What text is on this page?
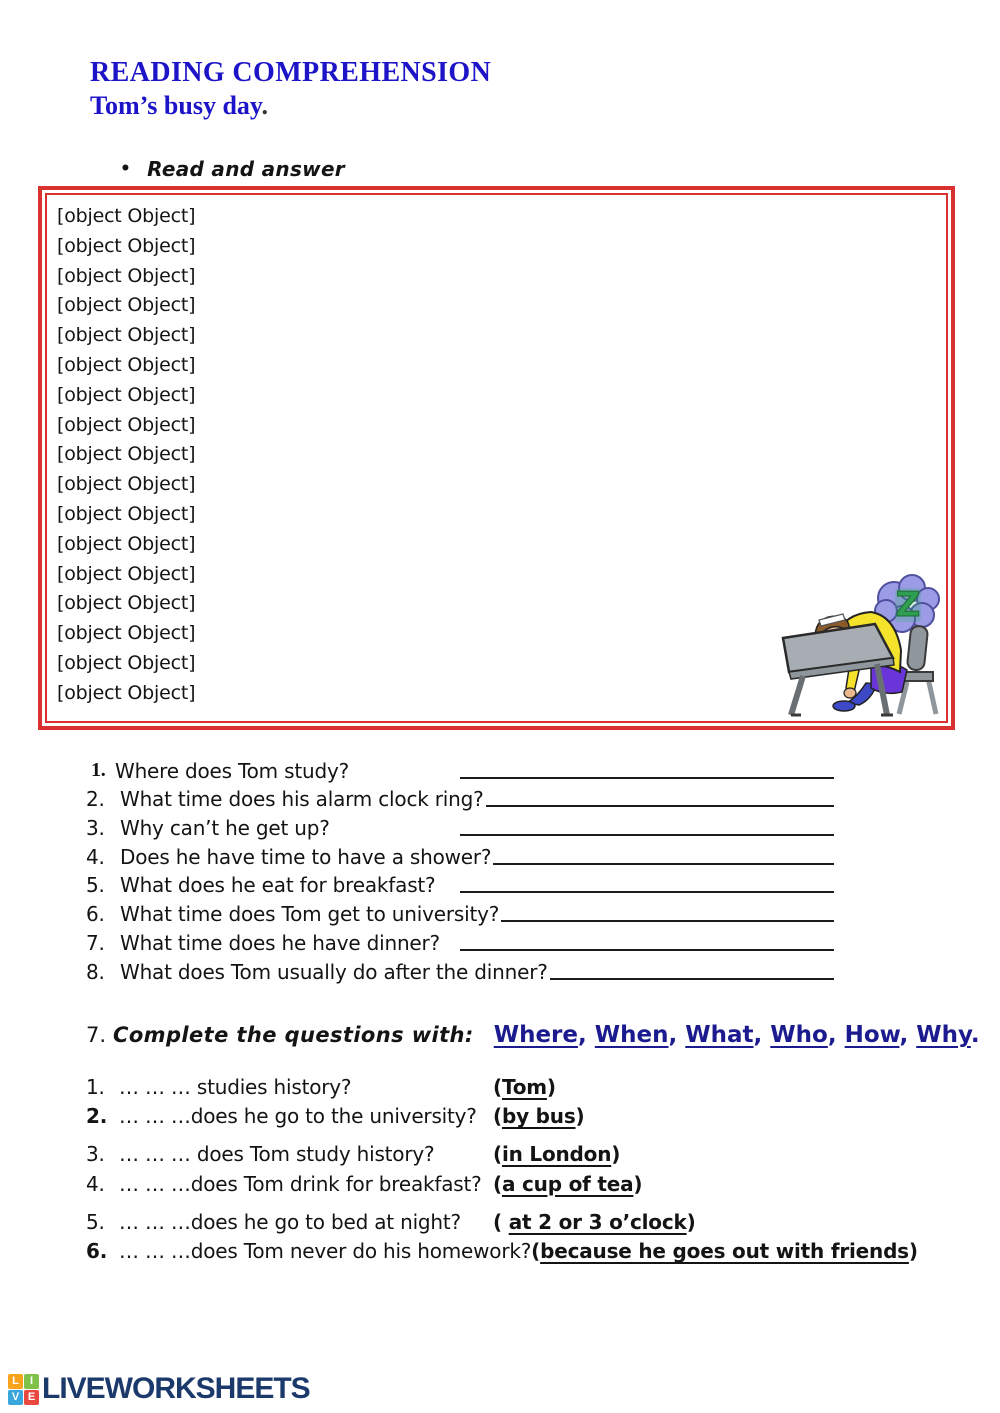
READING COMPREHENSION
Tom’s busy day.
• Read and answer
[object Object]
[object Object]
[object Object]
[object Object]
[object Object]
[object Object]
[object Object]
[object Object]
[object Object]
[object Object]
[object Object]
[object Object]
[object Object]
[object Object]
[object Object]
[object Object]
[object Object]
Z
1. Where does Tom study?
2. What time does his alarm clock ring?
3. Why can’t he get up?
4. Does he have time to have a shower?
5. What does he eat for breakfast?
6. What time does Tom get to university?
7. What time does he have dinner?
8. What does Tom usually do after the dinner?
7. Complete the questions with: Where, When, What, Who, How, Why.
1. … … … studies history?	(Tom)
2. … … …does he go to the university? (by bus)
3. … … … does Tom study history?	(in London)
4. … … …does Tom drink for breakfast? (a cup of tea)
5. … … …does he go to bed at night? ( at 2 or 3 o’clock)
6. … … …does Tom never do his homework? (because he goes out with friends)
L	I
V E LIVEWORKSHEETS
